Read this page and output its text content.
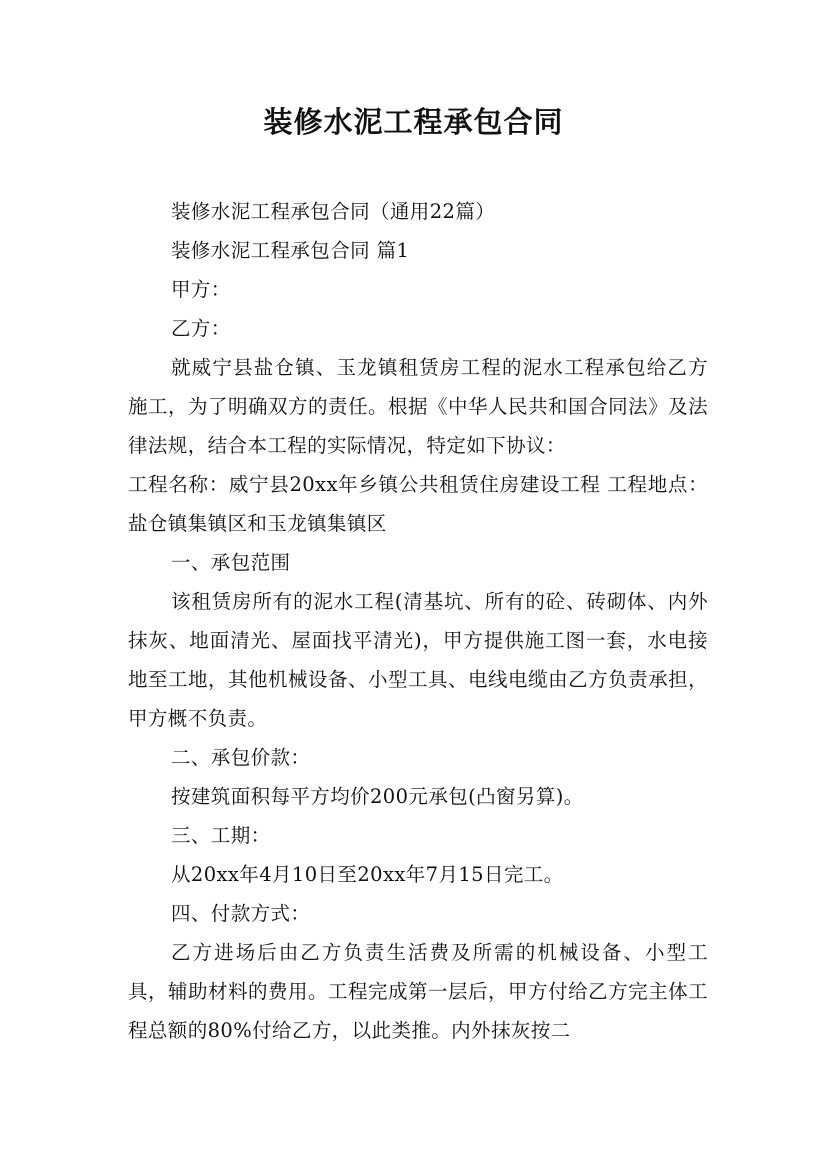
装修水泥工程承包合同

装修水泥工程承包合同（通用22篇）

装修水泥工程承包合同 篇1

甲方：

乙方：

就威宁县盐仓镇、玉龙镇租赁房工程的泥水工程承包给乙方施工，为了明确双方的责任。根据《中华人民共和国合同法》及法律法规，结合本工程的实际情况，特定如下协议：

工程名称：威宁县20xx年乡镇公共租赁住房建设工程 工程地点：盐仓镇集镇区和玉龙镇集镇区

一、承包范围

该租赁房所有的泥水工程(清基坑、所有的砼、砖砌体、内外抹灰、地面清光、屋面找平清光)，甲方提供施工图一套，水电接地至工地，其他机械设备、小型工具、电线电缆由乙方负责承担，甲方概不负责。

二、承包价款：

按建筑面积每平方均价200元承包(凸窗另算)。

三、工期：

从20xx年4月10日至20xx年7月15日完工。

四、付款方式：

乙方进场后由乙方负责生活费及所需的机械设备、小型工具，辅助材料的费用。工程完成第一层后，甲方付给乙方完主体工程总额的80%付给乙方，以此类推。内外抹灰按二
